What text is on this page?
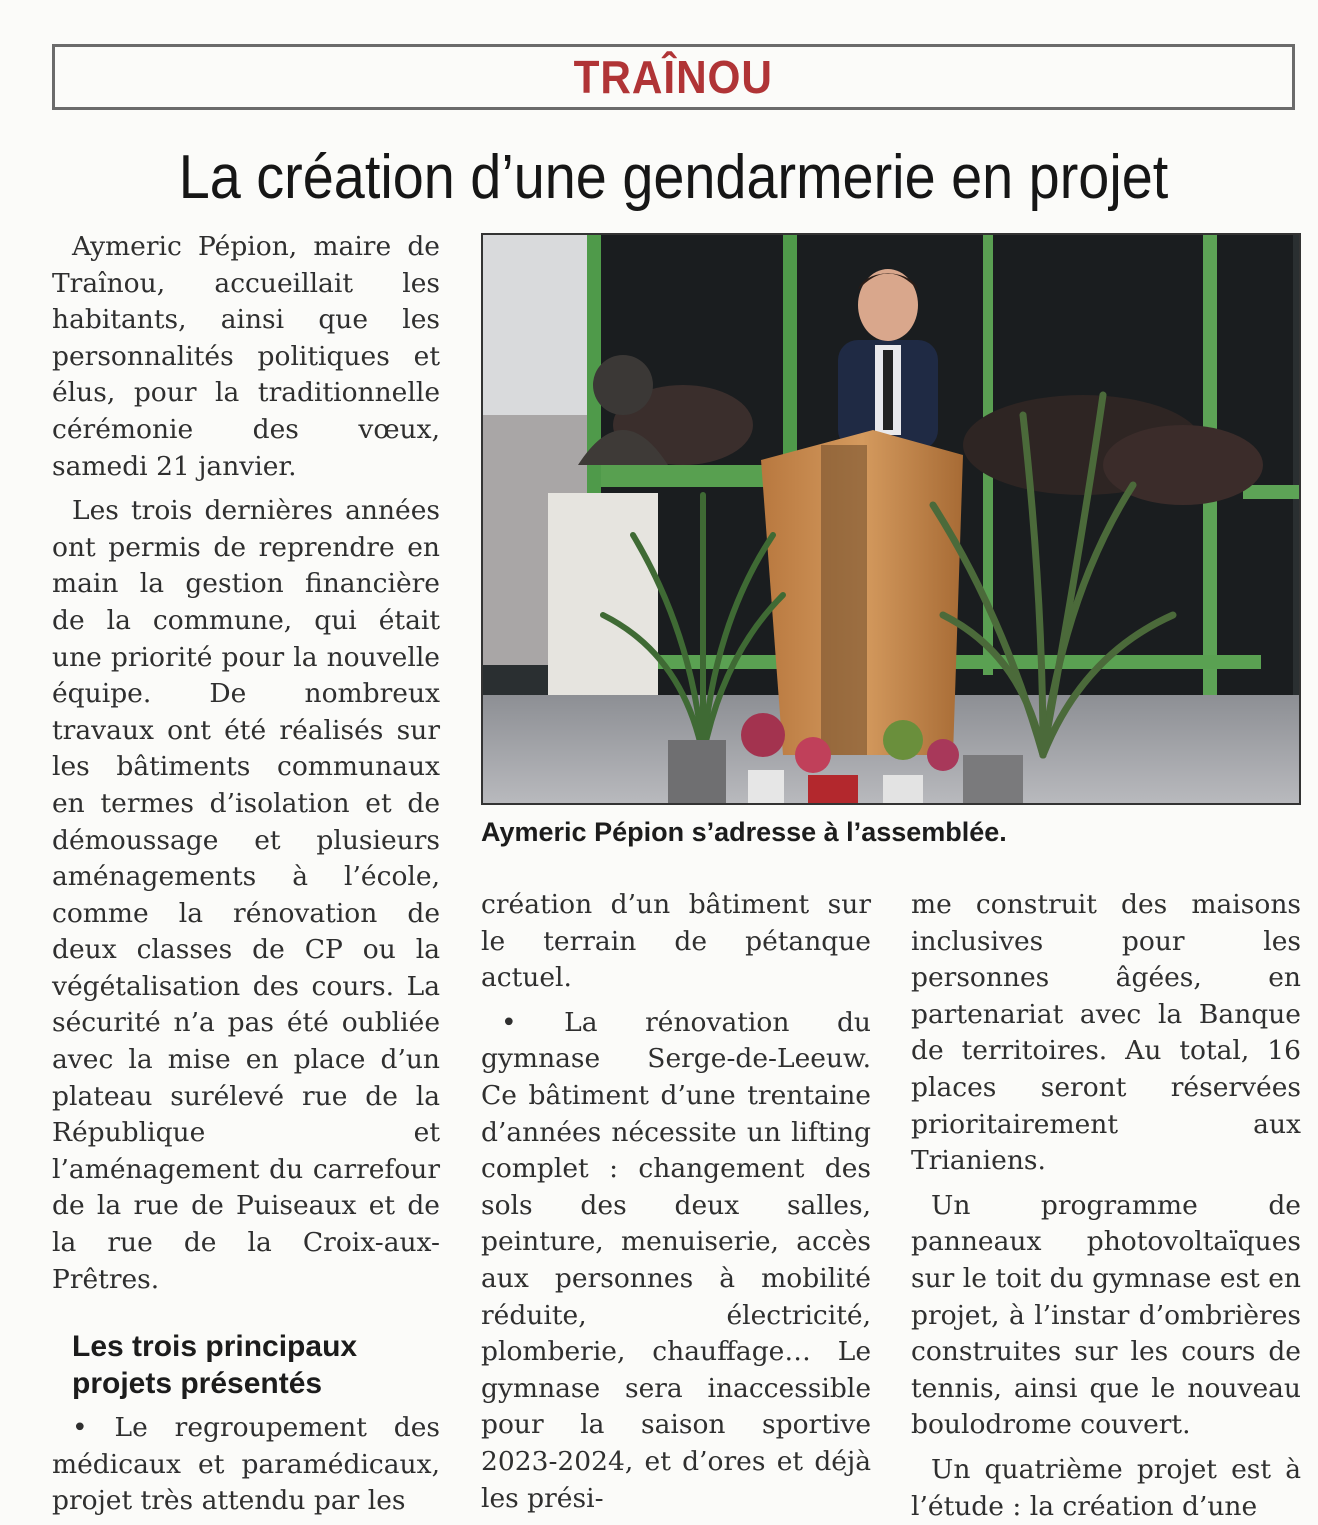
TRAÎNOU
La création d’une gendarmerie en projet

Aymeric Pépion, maire de Traînou, accueillait les habitants, ainsi que les personnalités politiques et élus, pour la traditionnelle cérémonie des vœux, samedi 21 janvier.

Les trois dernières années ont permis de reprendre en main la gestion financière de la commune, qui était une priorité pour la nouvelle équipe. De nombreux travaux ont été réalisés sur les bâtiments communaux en termes d’isolation et de démoussage et plusieurs aménagements à l’école, comme la rénovation de deux classes de CP ou la végétalisation des cours. La sécurité n’a pas été oubliée avec la mise en place d’un plateau surélevé rue de la République et l’aménagement du carrefour de la rue de Puiseaux et de la rue de la Croix-aux-Prêtres.

Les trois principaux projets présentés

• Le regroupement des médicaux et paramédicaux, projet très attendu par les

Aymeric Pépion s’adresse à l’assemblée.

création d’un bâtiment sur le terrain de pétanque actuel.

• La rénovation du gymnase Serge-de-Leeuw. Ce bâtiment d’une trentaine d’années nécessite un lifting complet : changement des sols des deux salles, peinture, menuiserie, accès aux personnes à mobilité réduite, électricité, plomberie, chauffage… Le gymnase sera inaccessible pour la saison sportive 2023-2024, et d’ores et déjà les prési-

me construit des maisons inclusives pour les personnes âgées, en partenariat avec la Banque de territoires. Au total, 16 places seront réservées prioritairement aux Trianiens.

Un programme de panneaux photovoltaïques sur le toit du gymnase est en projet, à l’instar d’ombrières construites sur les cours de tennis, ainsi que le nouveau boulodrome couvert.

Un quatrième projet est à l’étude : la création d’une
